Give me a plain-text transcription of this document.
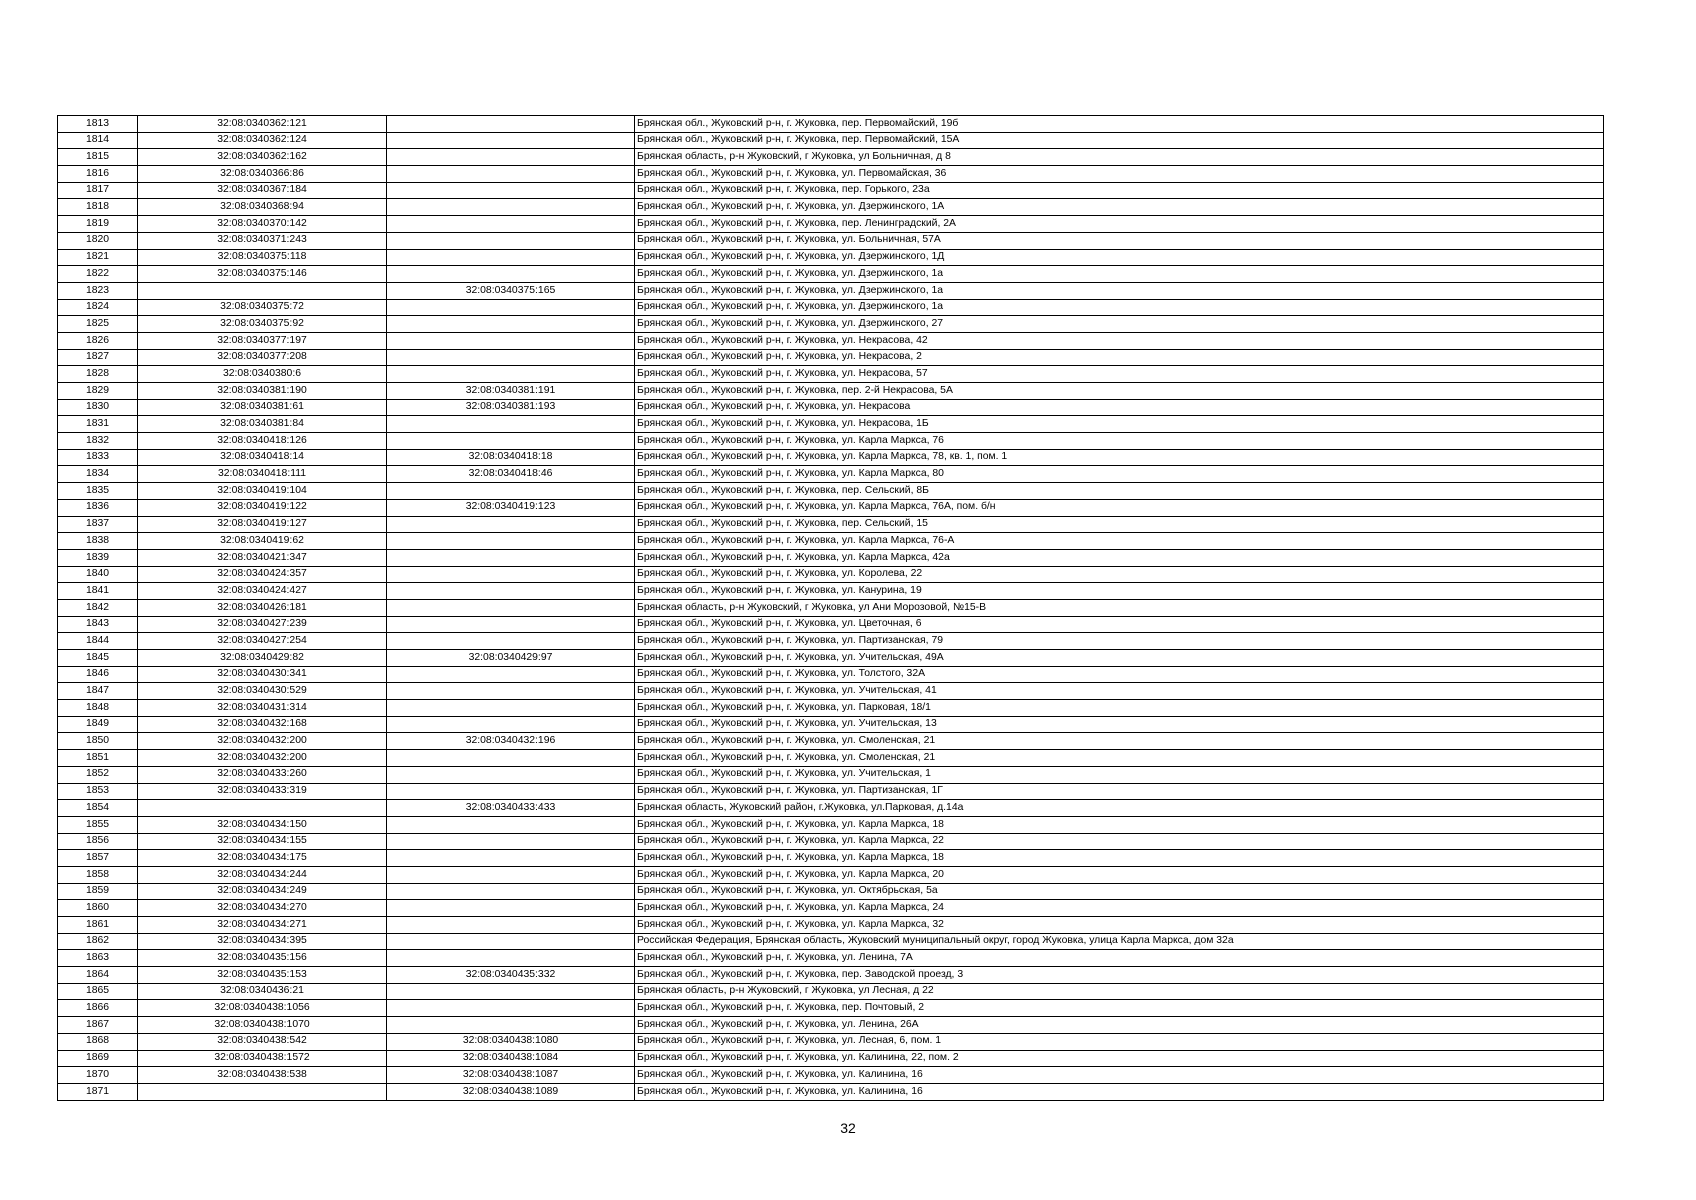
1813	32:08:0340362:121		Брянская обл., Жуковский р-н, г. Жуковка, пер. Первомайский, 19б
1814	32:08:0340362:124		Брянская обл., Жуковский р-н, г. Жуковка, пер. Первомайский, 15А
1815	32:08:0340362:162		Брянская область, р-н Жуковский, г Жуковка, ул Больничная, д 8
1816	32:08:0340366:86		Брянская обл., Жуковский р-н, г. Жуковка, ул. Первомайская, 36
1817	32:08:0340367:184		Брянская обл., Жуковский р-н, г. Жуковка, пер. Горького, 23а
1818	32:08:0340368:94		Брянская обл., Жуковский р-н, г. Жуковка, ул. Дзержинского, 1А
1819	32:08:0340370:142		Брянская обл., Жуковский р-н, г. Жуковка, пер. Ленинградский, 2А
1820	32:08:0340371:243		Брянская обл., Жуковский р-н, г. Жуковка, ул. Больничная, 57А
1821	32:08:0340375:118		Брянская обл., Жуковский р-н, г. Жуковка, ул. Дзержинского, 1Д
1822	32:08:0340375:146		Брянская обл., Жуковский р-н, г. Жуковка, ул. Дзержинского, 1а
1823		32:08:0340375:165	Брянская обл., Жуковский р-н, г. Жуковка, ул. Дзержинского, 1а
1824	32:08:0340375:72		Брянская обл., Жуковский р-н, г. Жуковка, ул. Дзержинского, 1а
1825	32:08:0340375:92		Брянская обл., Жуковский р-н, г. Жуковка, ул. Дзержинского, 27
1826	32:08:0340377:197		Брянская обл., Жуковский р-н, г. Жуковка, ул. Некрасова, 42
1827	32:08:0340377:208		Брянская обл., Жуковский р-н, г. Жуковка, ул. Некрасова, 2
1828	32:08:0340380:6		Брянская обл., Жуковский р-н, г. Жуковка, ул. Некрасова, 57
1829	32:08:0340381:190	32:08:0340381:191	Брянская обл., Жуковский р-н, г. Жуковка, пер. 2-й Некрасова, 5А
1830	32:08:0340381:61	32:08:0340381:193	Брянская обл., Жуковский р-н, г. Жуковка, ул. Некрасова
1831	32:08:0340381:84		Брянская обл., Жуковский р-н, г. Жуковка, ул. Некрасова, 1Б
1832	32:08:0340418:126		Брянская обл., Жуковский р-н, г. Жуковка, ул. Карла Маркса, 76
1833	32:08:0340418:14	32:08:0340418:18	Брянская обл., Жуковский р-н, г. Жуковка, ул. Карла Маркса, 78, кв. 1, пом. 1
1834	32:08:0340418:111	32:08:0340418:46	Брянская обл., Жуковский р-н, г. Жуковка, ул. Карла Маркса, 80
1835	32:08:0340419:104		Брянская обл., Жуковский р-н, г. Жуковка, пер. Сельский, 8Б
1836	32:08:0340419:122	32:08:0340419:123	Брянская обл., Жуковский р-н, г. Жуковка, ул. Карла Маркса, 76А, пом. б/н
1837	32:08:0340419:127		Брянская обл., Жуковский р-н, г. Жуковка, пер. Сельский, 15
1838	32:08:0340419:62		Брянская обл., Жуковский р-н, г. Жуковка, ул. Карла Маркса, 76-А
1839	32:08:0340421:347		Брянская обл., Жуковский р-н, г. Жуковка, ул. Карла Маркса, 42а
1840	32:08:0340424:357		Брянская обл., Жуковский р-н, г. Жуковка, ул. Королева, 22
1841	32:08:0340424:427		Брянская обл., Жуковский р-н, г. Жуковка, ул. Канурина, 19
1842	32:08:0340426:181		Брянская область, р-н Жуковский, г Жуковка, ул Ани Морозовой, №15-В
1843	32:08:0340427:239		Брянская обл., Жуковский р-н, г. Жуковка, ул. Цветочная, 6
1844	32:08:0340427:254		Брянская обл., Жуковский р-н, г. Жуковка, ул. Партизанская, 79
1845	32:08:0340429:82	32:08:0340429:97	Брянская обл., Жуковский р-н, г. Жуковка, ул. Учительская, 49А
1846	32:08:0340430:341		Брянская обл., Жуковский р-н, г. Жуковка, ул. Толстого, 32А
1847	32:08:0340430:529		Брянская обл., Жуковский р-н, г. Жуковка, ул. Учительская, 41
1848	32:08:0340431:314		Брянская обл., Жуковский р-н, г. Жуковка, ул. Парковая, 18/1
1849	32:08:0340432:168		Брянская обл., Жуковский р-н, г. Жуковка, ул. Учительская, 13
1850	32:08:0340432:200	32:08:0340432:196	Брянская обл., Жуковский р-н, г. Жуковка, ул. Смоленская, 21
1851	32:08:0340432:200		Брянская обл., Жуковский р-н, г. Жуковка, ул. Смоленская, 21
1852	32:08:0340433:260		Брянская обл., Жуковский р-н, г. Жуковка, ул. Учительская, 1
1853	32:08:0340433:319		Брянская обл., Жуковский р-н, г. Жуковка, ул. Партизанская, 1Г
1854		32:08:0340433:433	Брянская область, Жуковский район, г.Жуковка, ул.Парковая, д.14а
1855	32:08:0340434:150		Брянская обл., Жуковский р-н, г. Жуковка, ул. Карла Маркса, 18
1856	32:08:0340434:155		Брянская обл., Жуковский р-н, г. Жуковка, ул. Карла Маркса, 22
1857	32:08:0340434:175		Брянская обл., Жуковский р-н, г. Жуковка, ул. Карла Маркса, 18
1858	32:08:0340434:244		Брянская обл., Жуковский р-н, г. Жуковка, ул. Карла Маркса, 20
1859	32:08:0340434:249		Брянская обл., Жуковский р-н, г. Жуковка, ул. Октябрьская, 5а
1860	32:08:0340434:270		Брянская обл., Жуковский р-н, г. Жуковка, ул. Карла Маркса, 24
1861	32:08:0340434:271		Брянская обл., Жуковский р-н, г. Жуковка, ул. Карла Маркса, 32
1862	32:08:0340434:395		Российская Федерация, Брянская область, Жуковский муниципальный округ, город Жуковка, улица Карла Маркса, дом 32а
1863	32:08:0340435:156		Брянская обл., Жуковский р-н, г. Жуковка, ул. Ленина, 7А
1864	32:08:0340435:153	32:08:0340435:332	Брянская обл., Жуковский р-н, г. Жуковка, пер. Заводской проезд, 3
1865	32:08:0340436:21		Брянская область, р-н Жуковский, г Жуковка, ул Лесная, д 22
1866	32:08:0340438:1056		Брянская обл., Жуковский р-н, г. Жуковка, пер. Почтовый, 2
1867	32:08:0340438:1070		Брянская обл., Жуковский р-н, г. Жуковка, ул. Ленина, 26А
1868	32:08:0340438:542	32:08:0340438:1080	Брянская обл., Жуковский р-н, г. Жуковка, ул. Лесная, 6, пом. 1
1869	32:08:0340438:1572	32:08:0340438:1084	Брянская обл., Жуковский р-н, г. Жуковка, ул. Калинина, 22, пом. 2
1870	32:08:0340438:538	32:08:0340438:1087	Брянская обл., Жуковский р-н, г. Жуковка, ул. Калинина, 16
1871		32:08:0340438:1089	Брянская обл., Жуковский р-н, г. Жуковка, ул. Калинина, 16
32
